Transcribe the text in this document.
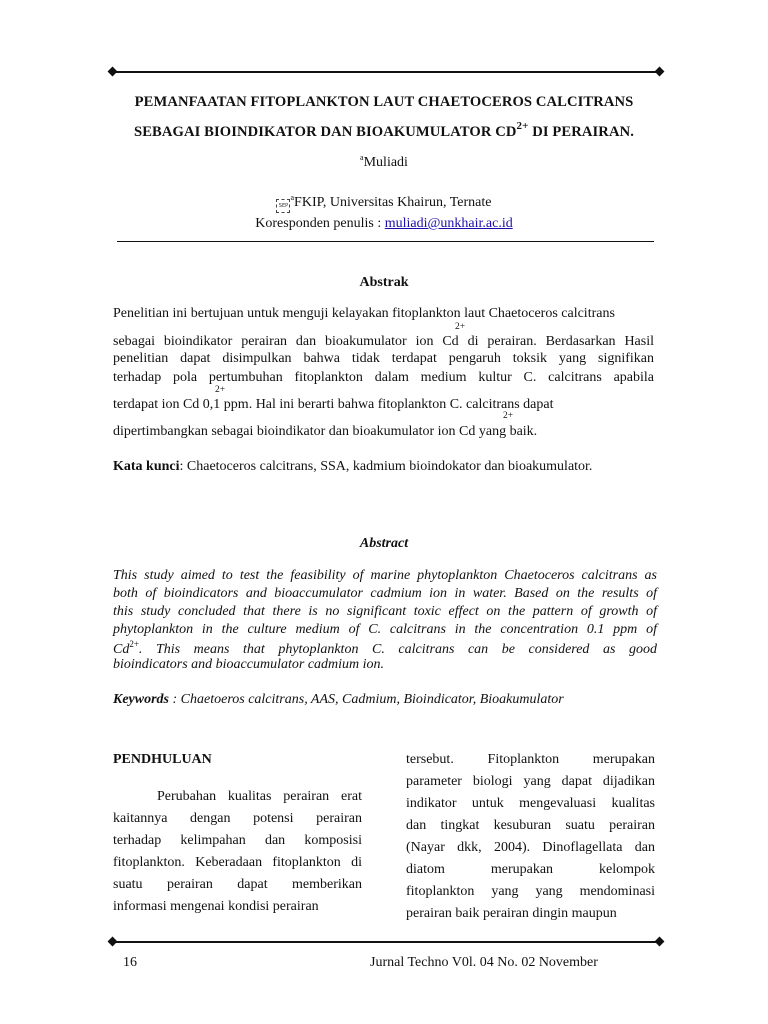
PEMANFAATAN FITOPLANKTON LAUT CHAETOCEROS CALCITRANS
SEBAGAI BIOINDIKATOR DAN BIOAKUMULATOR $CD^{2+}$ DI PERAIRAN.
$^a$Muliadi
SEP$^a$FKIP, Universitas Khairun, Ternate
Koresponden penulis : muliadi@unkhair.ac.id
Abstrak
Penelitian ini bertujuan untuk menguji kelayakan fitoplankton laut Chaetoceros calcitrans
2+
sebagai bioindikator perairan dan bioakumulator ion Cd di perairan. Berdasarkan Hasil
penelitian dapat disimpulkan bahwa tidak terdapat pengaruh toksik yang signifikan
terhadap pola pertumbuhan fitoplankton dalam medium kultur C. calcitrans apabila
2+
terdapat ion Cd 0,1 ppm. Hal ini berarti bahwa fitoplankton C. calcitrans dapat
2+
dipertimbangkan sebagai bioindikator dan bioakumulator ion Cd yang baik.
Kata kunci: Chaetoceros calcitrans, SSA, kadmium bioindokator dan bioakumulator.
Abstract
This study aimed to test the feasibility of marine phytoplankton Chaetoceros calcitrans as
both of bioindicators and bioaccumulator cadmium ion in water. Based on the results of
this study concluded that there is no significant toxic effect on the pattern of growth of
phytoplankton in the culture medium of C. calcitrans in the concentration 0.1 ppm of
$Cd^{2+}$. This means that phytoplankton C. calcitrans can be considered as good
bioindicators and bioaccumulator cadmium ion.
Keywords : Chaetoeros calcitrans, AAS, Cadmium, Bioindicator, Bioakumulator
PENDHULUAN
Perubahan kualitas perairan erat
kaitannya dengan potensi perairan
terhadap kelimpahan dan komposisi
fitoplankton. Keberadaan fitoplankton di
suatu perairan dapat memberikan
informasi mengenai kondisi perairan
tersebut. Fitoplankton merupakan
parameter biologi yang dapat dijadikan
indikator untuk mengevaluasi kualitas
dan tingkat kesuburan suatu perairan
(Nayar dkk, 2004). Dinoflagellata dan
diatom merupakan kelompok
fitoplankton yang yang mendominasi
perairan baik perairan dingin maupun
16	Jurnal Techno V0l. 04 No. 02 November
